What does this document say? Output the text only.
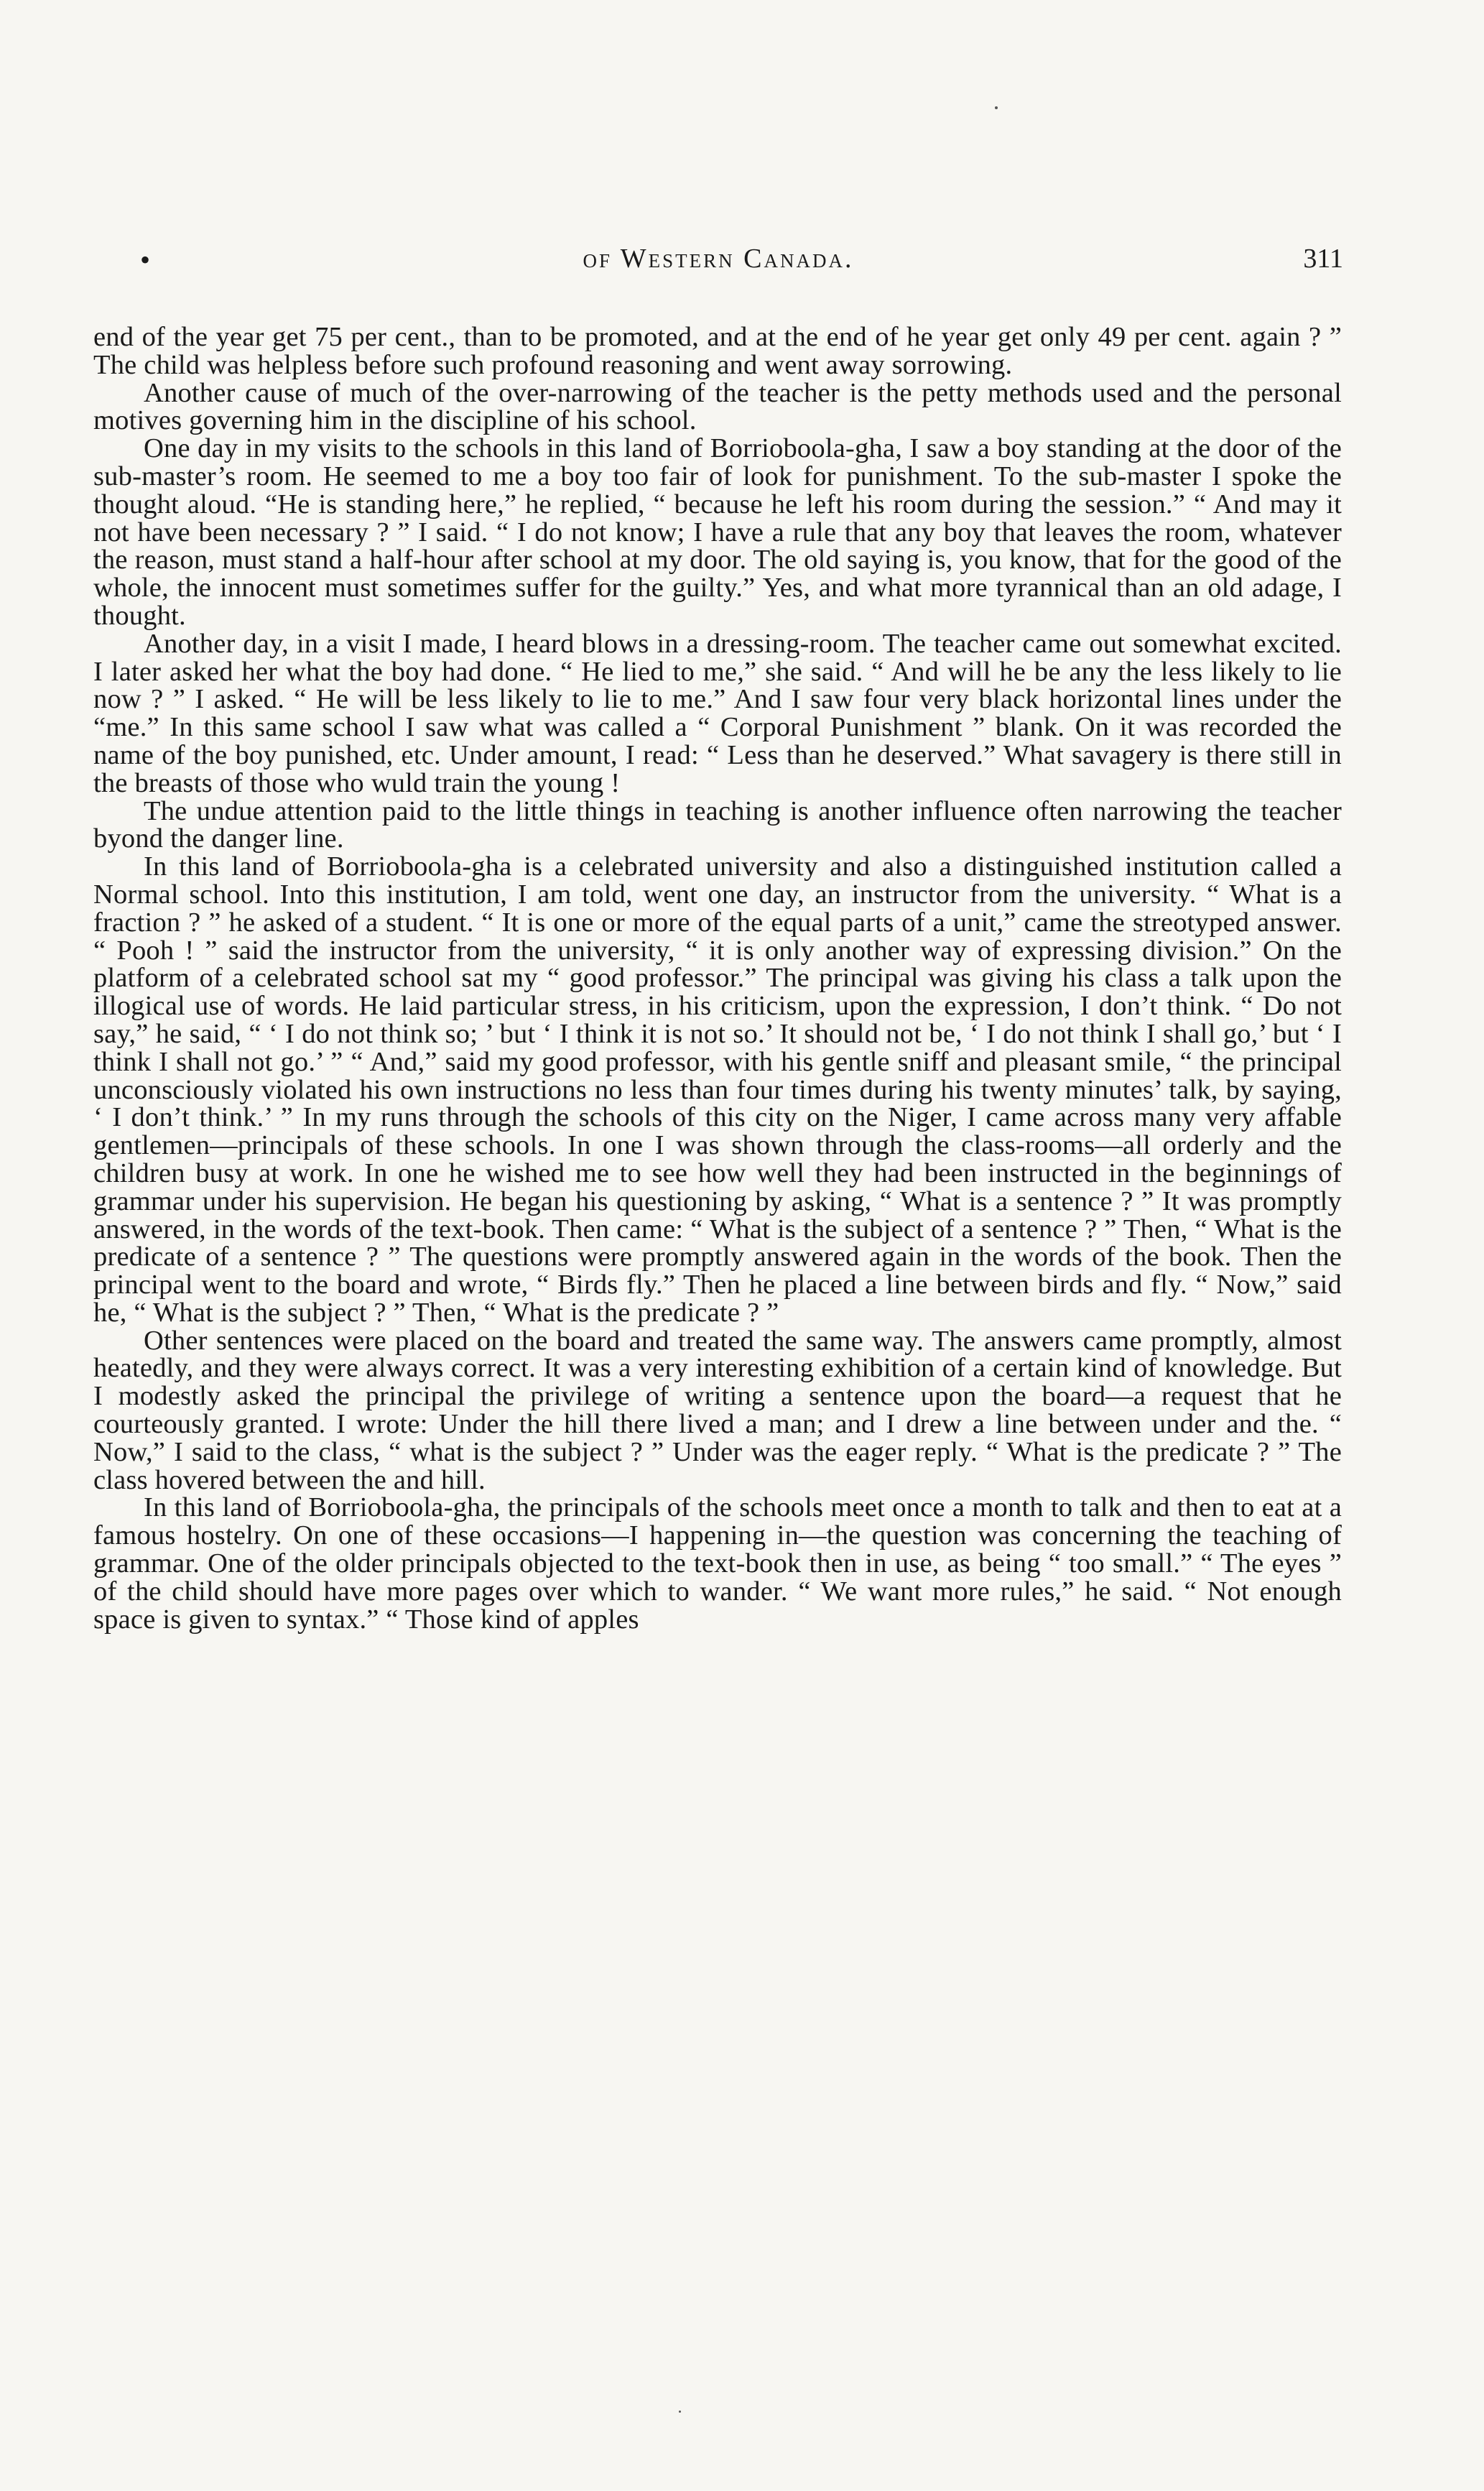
•	of Western Canada.	311

end of the year get 75 per cent., than to be promoted, and at the end of he year get only 49 per cent. again ? ” The child was helpless before such profound reasoning and went away sorrowing.

Another cause of much of the over-narrowing of the teacher is the petty methods used and the personal motives governing him in the discipline of his school.

One day in my visits to the schools in this land of Borrioboola-gha, I saw a boy standing at the door of the sub-master’s room. He seemed to me a boy too fair of look for punishment. To the sub-master I spoke the thought aloud. “He is standing here,” he replied, “ because he left his room during the session.” “ And may it not have been necessary ? ” I said. “ I do not know; I have a rule that any boy that leaves the room, whatever the reason, must stand a half-hour after school at my door. The old saying is, you know, that for the good of the whole, the innocent must sometimes suffer for the guilty.” Yes, and what more tyrannical than an old adage, I thought.

Another day, in a visit I made, I heard blows in a dressing-room. The teacher came out somewhat excited. I later asked her what the boy had done. “ He lied to me,” she said. “ And will he be any the less likely to lie now ? ” I asked. “ He will be less likely to lie to me.” And I saw four very black horizontal lines under the “me.” In this same school I saw what was called a “ Corporal Punishment ” blank. On it was recorded the name of the boy punished, etc. Under amount, I read: “ Less than he deserved.” What savagery is there still in the breasts of those who wuld train the young !

The undue attention paid to the little things in teaching is another influence often narrowing the teacher byond the danger line.

In this land of Borrioboola-gha is a celebrated university and also a distinguished institution called a Normal school. Into this institution, I am told, went one day, an instructor from the university. “ What is a fraction ? ” he asked of a student. “ It is one or more of the equal parts of a unit,” came the streotyped answer. “ Pooh ! ” said the instructor from the university, “ it is only another way of expressing division.” On the platform of a celebrated school sat my “ good professor.” The principal was giving his class a talk upon the illogical use of words. He laid particular stress, in his criticism, upon the expression, I don’t think. “ Do not say,” he said, “ ‘ I do not think so; ’ but ‘ I think it is not so.’ It should not be, ‘ I do not think I shall go,’ but ‘ I think I shall not go.’ ” “ And,” said my good professor, with his gentle sniff and pleasant smile, “ the principal unconsciously violated his own instructions no less than four times during his twenty minutes’ talk, by saying, ‘ I don’t think.’ ” In my runs through the schools of this city on the Niger, I came across many very affable gentlemen—principals of these schools. In one I was shown through the class-rooms—all orderly and the children busy at work. In one he wished me to see how well they had been instructed in the beginnings of grammar under his supervision. He began his questioning by asking, “ What is a sentence ? ” It was promptly answered, in the words of the text-book. Then came: “ What is the subject of a sentence ? ” Then, “ What is the predicate of a sentence ? ” The questions were promptly answered again in the words of the book. Then the principal went to the board and wrote, “ Birds fly.” Then he placed a line between birds and fly. “ Now,” said he, “ What is the subject ? ” Then, “ What is the predicate ? ”

Other sentences were placed on the board and treated the same way. The answers came promptly, almost heatedly, and they were always correct. It was a very interesting exhibition of a certain kind of knowledge. But I modestly asked the principal the privilege of writing a sentence upon the board—a request that he courteously granted. I wrote: Under the hill there lived a man; and I drew a line between under and the. “ Now,” I said to the class, “ what is the subject ? ” Under was the eager reply. “ What is the predicate ? ” The class hovered between the and hill.

In this land of Borrioboola-gha, the principals of the schools meet once a month to talk and then to eat at a famous hostelry. On one of these occasions—I happening in—the question was concerning the teaching of grammar. One of the older principals objected to the text-book then in use, as being “ too small.” “ The eyes ” of the child should have more pages over which to wander. “ We want more rules,” he said. “ Not enough space is given to syntax.” “ Those kind of apples
